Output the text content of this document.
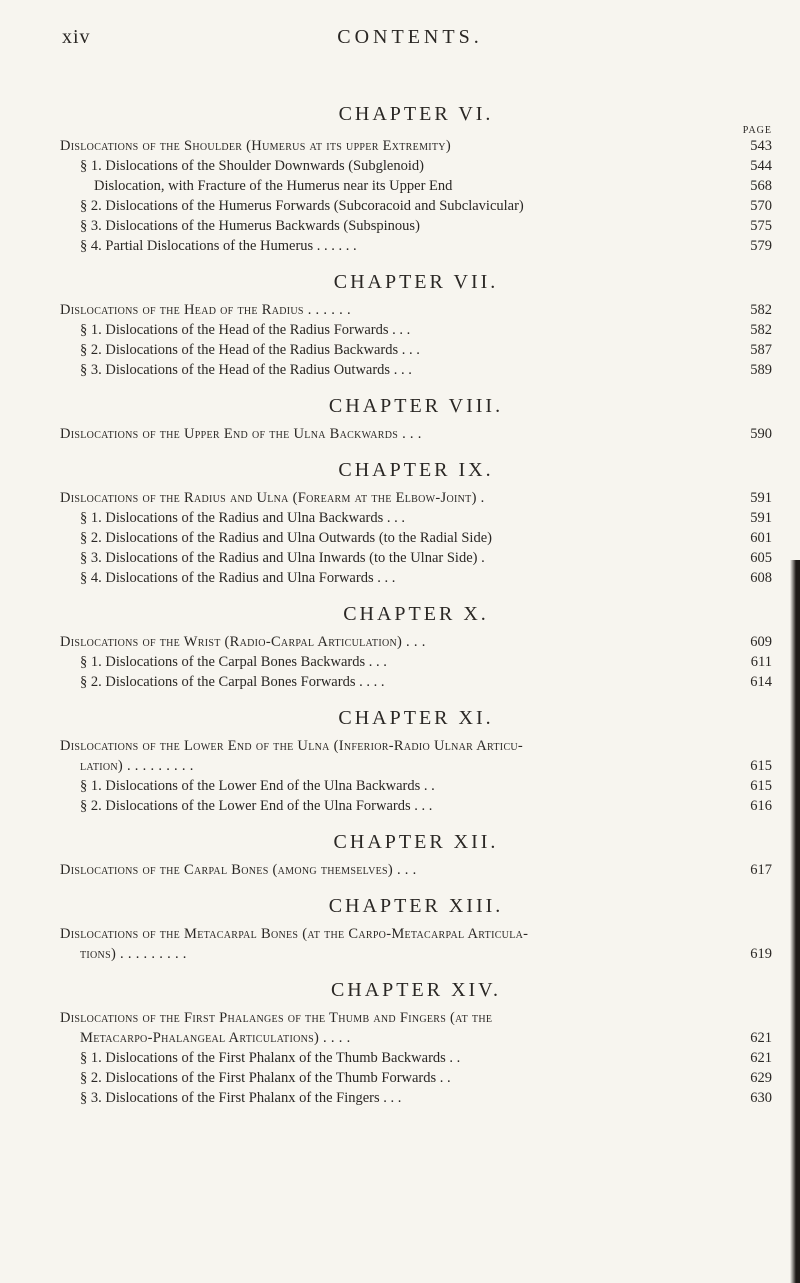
xiv	CONTENTS.
CHAPTER VI.
PAGE
Dislocations of the Shoulder (Humerus at its upper Extremity)	543
§ 1. Dislocations of the Shoulder Downwards (Subglenoid)	544
Dislocation, with Fracture of the Humerus near its Upper End	568
§ 2. Dislocations of the Humerus Forwards (Subcoracoid and Subclavicular)	570
§ 3. Dislocations of the Humerus Backwards (Subspinous)	575
§ 4. Partial Dislocations of the Humerus . . . . . .	579
CHAPTER VII.
Dislocations of the Head of the Radius . . . . . .	582
§ 1. Dislocations of the Head of the Radius Forwards . . .	582
§ 2. Dislocations of the Head of the Radius Backwards . . .	587
§ 3. Dislocations of the Head of the Radius Outwards . . .	589
CHAPTER VIII.
Dislocations of the Upper End of the Ulna Backwards . . .	590
CHAPTER IX.
Dislocations of the Radius and Ulna (Forearm at the Elbow-Joint) .	591
§ 1. Dislocations of the Radius and Ulna Backwards . . .	591
§ 2. Dislocations of the Radius and Ulna Outwards (to the Radial Side)	601
§ 3. Dislocations of the Radius and Ulna Inwards (to the Ulnar Side) .	605
§ 4. Dislocations of the Radius and Ulna Forwards . . .	608
CHAPTER X.
Dislocations of the Wrist (Radio-Carpal Articulation) . . .	609
§ 1. Dislocations of the Carpal Bones Backwards . . .	611
§ 2. Dislocations of the Carpal Bones Forwards . . . .	614
CHAPTER XI.
Dislocations of the Lower End of the Ulna (Inferior-Radio Ulnar Articu-
lation) . . . . . . . . .	615
§ 1. Dislocations of the Lower End of the Ulna Backwards . .	615
§ 2. Dislocations of the Lower End of the Ulna Forwards . . .	616
CHAPTER XII.
Dislocations of the Carpal Bones (among themselves) . . .	617
CHAPTER XIII.
Dislocations of the Metacarpal Bones (at the Carpo-Metacarpal Articula-
tions) . . . . . . . . .	619
CHAPTER XIV.
Dislocations of the First Phalanges of the Thumb and Fingers (at the
Metacarpo-Phalangeal Articulations) . . . .	621
§ 1. Dislocations of the First Phalanx of the Thumb Backwards . .	621
§ 2. Dislocations of the First Phalanx of the Thumb Forwards . .	629
§ 3. Dislocations of the First Phalanx of the Fingers . . .	630
